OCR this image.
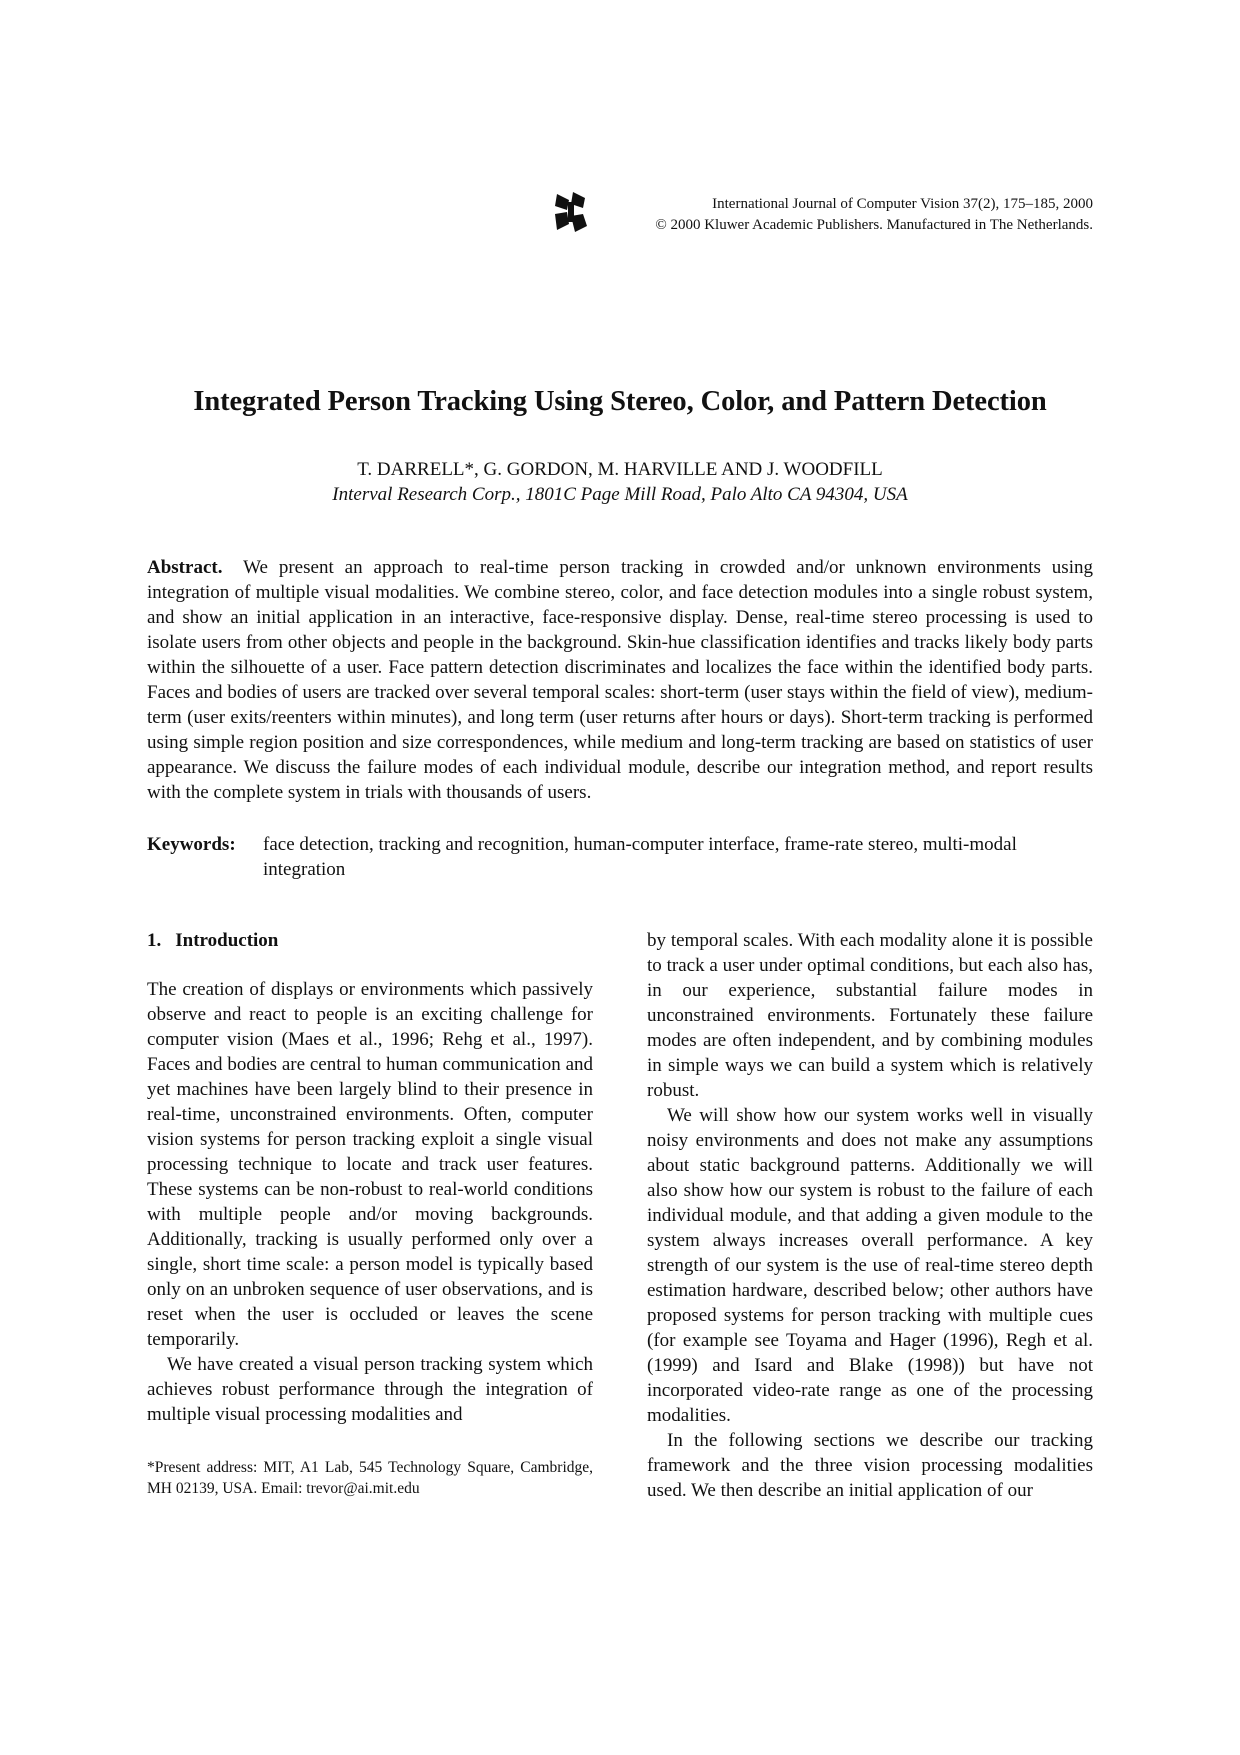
International Journal of Computer Vision 37(2), 175–185, 2000
© 2000 Kluwer Academic Publishers. Manufactured in The Netherlands.
Integrated Person Tracking Using Stereo, Color, and Pattern Detection
T. DARRELL*, G. GORDON, M. HARVILLE AND J. WOODFILL
Interval Research Corp., 1801C Page Mill Road, Palo Alto CA 94304, USA
Abstract. We present an approach to real-time person tracking in crowded and/or unknown environments using integration of multiple visual modalities. We combine stereo, color, and face detection modules into a single robust system, and show an initial application in an interactive, face-responsive display. Dense, real-time stereo processing is used to isolate users from other objects and people in the background. Skin-hue classification identifies and tracks likely body parts within the silhouette of a user. Face pattern detection discriminates and localizes the face within the identified body parts. Faces and bodies of users are tracked over several temporal scales: short-term (user stays within the field of view), medium-term (user exits/reenters within minutes), and long term (user returns after hours or days). Short-term tracking is performed using simple region position and size correspondences, while medium and long-term tracking are based on statistics of user appearance. We discuss the failure modes of each individual module, describe our integration method, and report results with the complete system in trials with thousands of users.
Keywords: face detection, tracking and recognition, human-computer interface, frame-rate stereo, multi-modal integration
1. Introduction

The creation of displays or environments which passively observe and react to people is an exciting challenge for computer vision (Maes et al., 1996; Rehg et al., 1997). Faces and bodies are central to human communication and yet machines have been largely blind to their presence in real-time, unconstrained environments. Often, computer vision systems for person tracking exploit a single visual processing technique to locate and track user features. These systems can be non-robust to real-world conditions with multiple people and/or moving backgrounds. Additionally, tracking is usually performed only over a single, short time scale: a person model is typically based only on an unbroken sequence of user observations, and is reset when the user is occluded or leaves the scene temporarily.

We have created a visual person tracking system which achieves robust performance through the integration of multiple visual processing modalities and

by temporal scales. With each modality alone it is possible to track a user under optimal conditions, but each also has, in our experience, substantial failure modes in unconstrained environments. Fortunately these failure modes are often independent, and by combining modules in simple ways we can build a system which is relatively robust.

We will show how our system works well in visually noisy environments and does not make any assumptions about static background patterns. Additionally we will also show how our system is robust to the failure of each individual module, and that adding a given module to the system always increases overall performance. A key strength of our system is the use of real-time stereo depth estimation hardware, described below; other authors have proposed systems for person tracking with multiple cues (for example see Toyama and Hager (1996), Regh et al. (1999) and Isard and Blake (1998)) but have not incorporated video-rate range as one of the processing modalities.

In the following sections we describe our tracking framework and the three vision processing modalities used. We then describe an initial application of our

*Present address: MIT, A1 Lab, 545 Technology Square, Cambridge, MH 02139, USA. Email: trevor@ai.mit.edu
